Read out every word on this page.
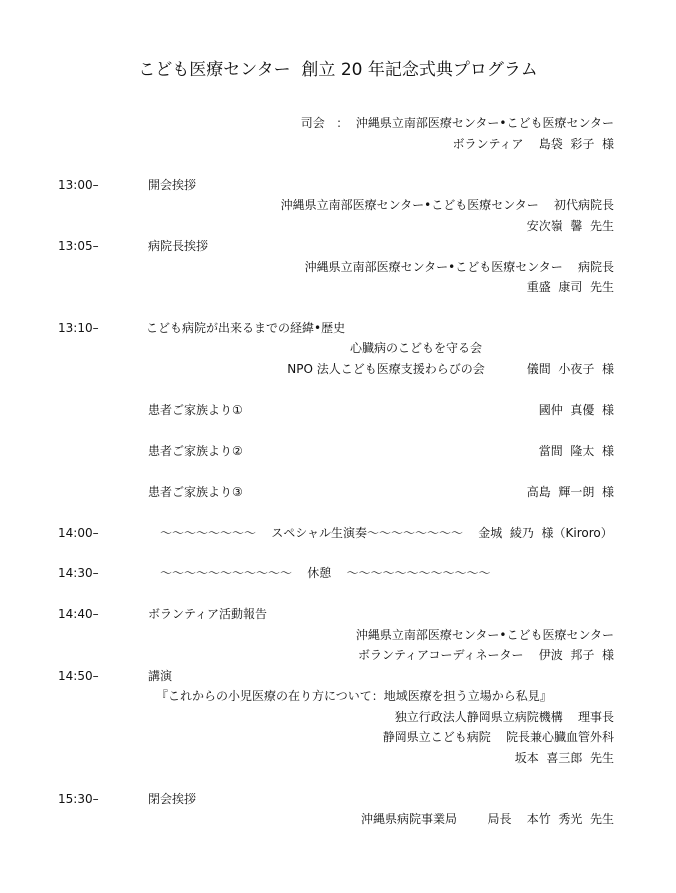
こども医療センター  創立 20 年記念式典プログラム
司会   ：  沖縄県立南部医療センター•こども医療センター
ボランティア    島袋  彩子  様
13:00–	開会挨拶
沖縄県立南部医療センター•こども医療センター    初代病院長
安次嶺  馨  先生
13:05–	病院長挨拶
沖縄県立南部医療センター•こども医療センター    病院長
重盛  康司  先生
13:10–	こども病院が出来るまでの経緯•歴史
心臓病のこどもを守る会
NPO 法人こども医療支援わらびの会           儀間  小夜子  様
患者ご家族より①	國仲  真優  様
患者ご家族より②	當間  隆太  様
患者ご家族より③	高島  輝一朗  様
14:00–	～～～～～～～～    スペシャル生演奏～～～～～～～～    金城  綾乃  様（Kiroro）
14:30–	～～～～～～～～～～～    休憩    ～～～～～～～～～～～～
14:40–	ボランティア活動報告
沖縄県立南部医療センター•こども医療センター
ボランティアコーディネーター    伊波  邦子  様
14:50–	講演
『これからの小児医療の在り方について：地域医療を担う立場から私見』
独立行政法人静岡県立病院機構    理事長
静岡県立こども病院    院長兼心臓血管外科
坂本  喜三郎  先生
15:30–	閉会挨拶
沖縄県病院事業局        局長    本竹  秀光  先生
